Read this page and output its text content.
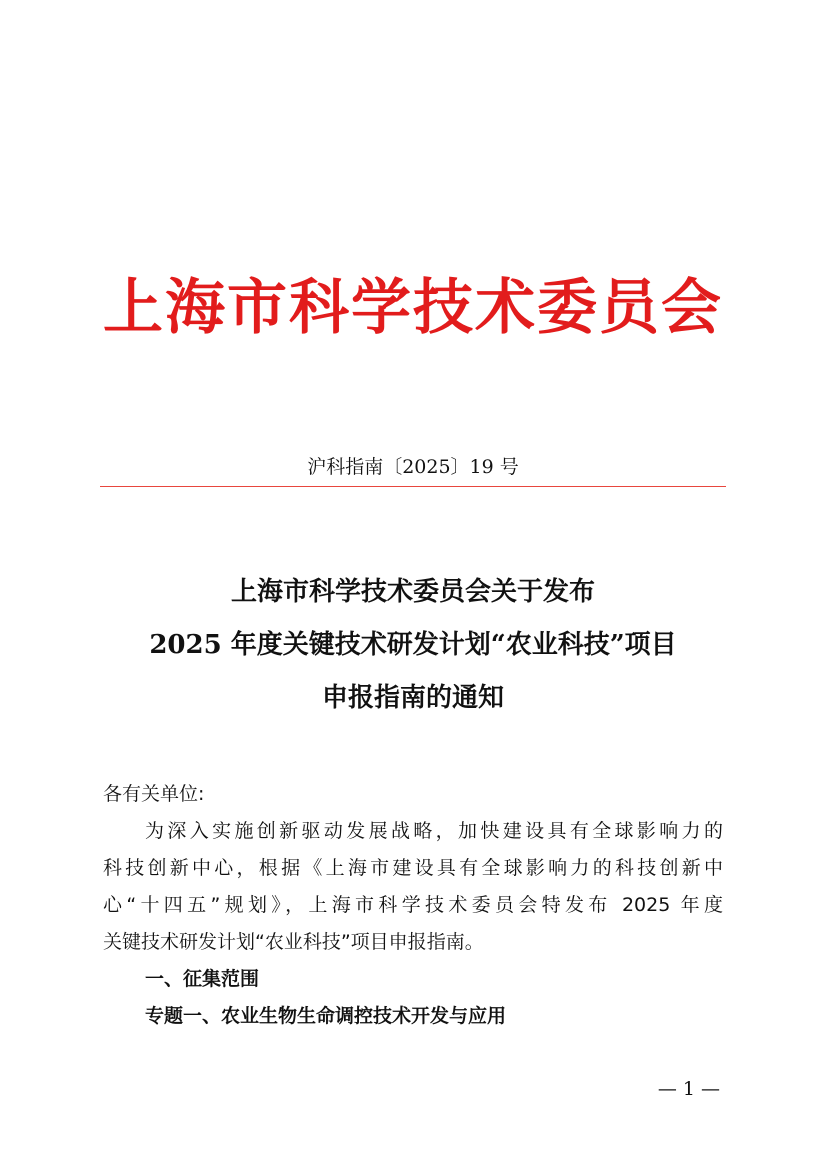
上海市科学技术委员会
沪科指南〔2025〕19 号
上海市科学技术委员会关于发布
2025 年度关键技术研发计划“农业科技”项目
申报指南的通知
各有关单位:
为深入实施创新驱动发展战略，加快建设具有全球影响力的
科技创新中心，根据《上海市建设具有全球影响力的科技创新中
心“十四五”规划》，上海市科学技术委员会特发布 2025 年度
关键技术研发计划“农业科技”项目申报指南。
一、征集范围
专题一、农业生物生命调控技术开发与应用
— 1 —
